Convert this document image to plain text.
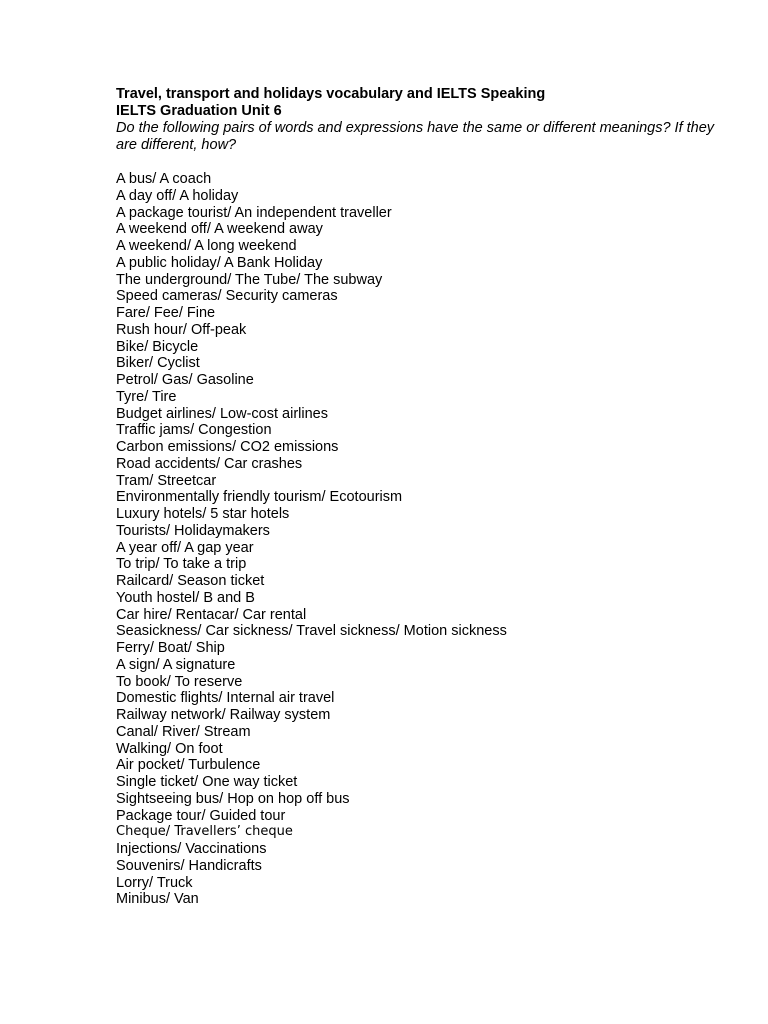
Travel, transport and holidays vocabulary and IELTS Speaking

IELTS Graduation Unit 6

Do the following pairs of words and expressions have the same or different meanings? If they are different, how?

A bus/ A coach
A day off/ A holiday
A package tourist/ An independent traveller
A weekend off/ A weekend away
A weekend/ A long weekend
A public holiday/ A Bank Holiday
The underground/ The Tube/ The subway
Speed cameras/ Security cameras
Fare/ Fee/ Fine
Rush hour/ Off-peak
Bike/ Bicycle
Biker/ Cyclist
Petrol/ Gas/ Gasoline
Tyre/ Tire
Budget airlines/ Low-cost airlines
Traffic jams/ Congestion
Carbon emissions/ CO2 emissions
Road accidents/ Car crashes
Tram/ Streetcar
Environmentally friendly tourism/ Ecotourism
Luxury hotels/ 5 star hotels
Tourists/ Holidaymakers
A year off/ A gap year
To trip/ To take a trip
Railcard/ Season ticket
Youth hostel/ B and B
Car hire/ Rentacar/ Car rental
Seasickness/ Car sickness/ Travel sickness/ Motion sickness
Ferry/ Boat/ Ship
A sign/ A signature
To book/ To reserve
Domestic flights/ Internal air travel
Railway network/ Railway system
Canal/ River/ Stream
Walking/ On foot
Air pocket/ Turbulence
Single ticket/ One way ticket
Sightseeing bus/ Hop on hop off bus
Package tour/ Guided tour
Cheque/ Travellers’ cheque
Injections/ Vaccinations
Souvenirs/ Handicrafts
Lorry/ Truck
Minibus/ Van
